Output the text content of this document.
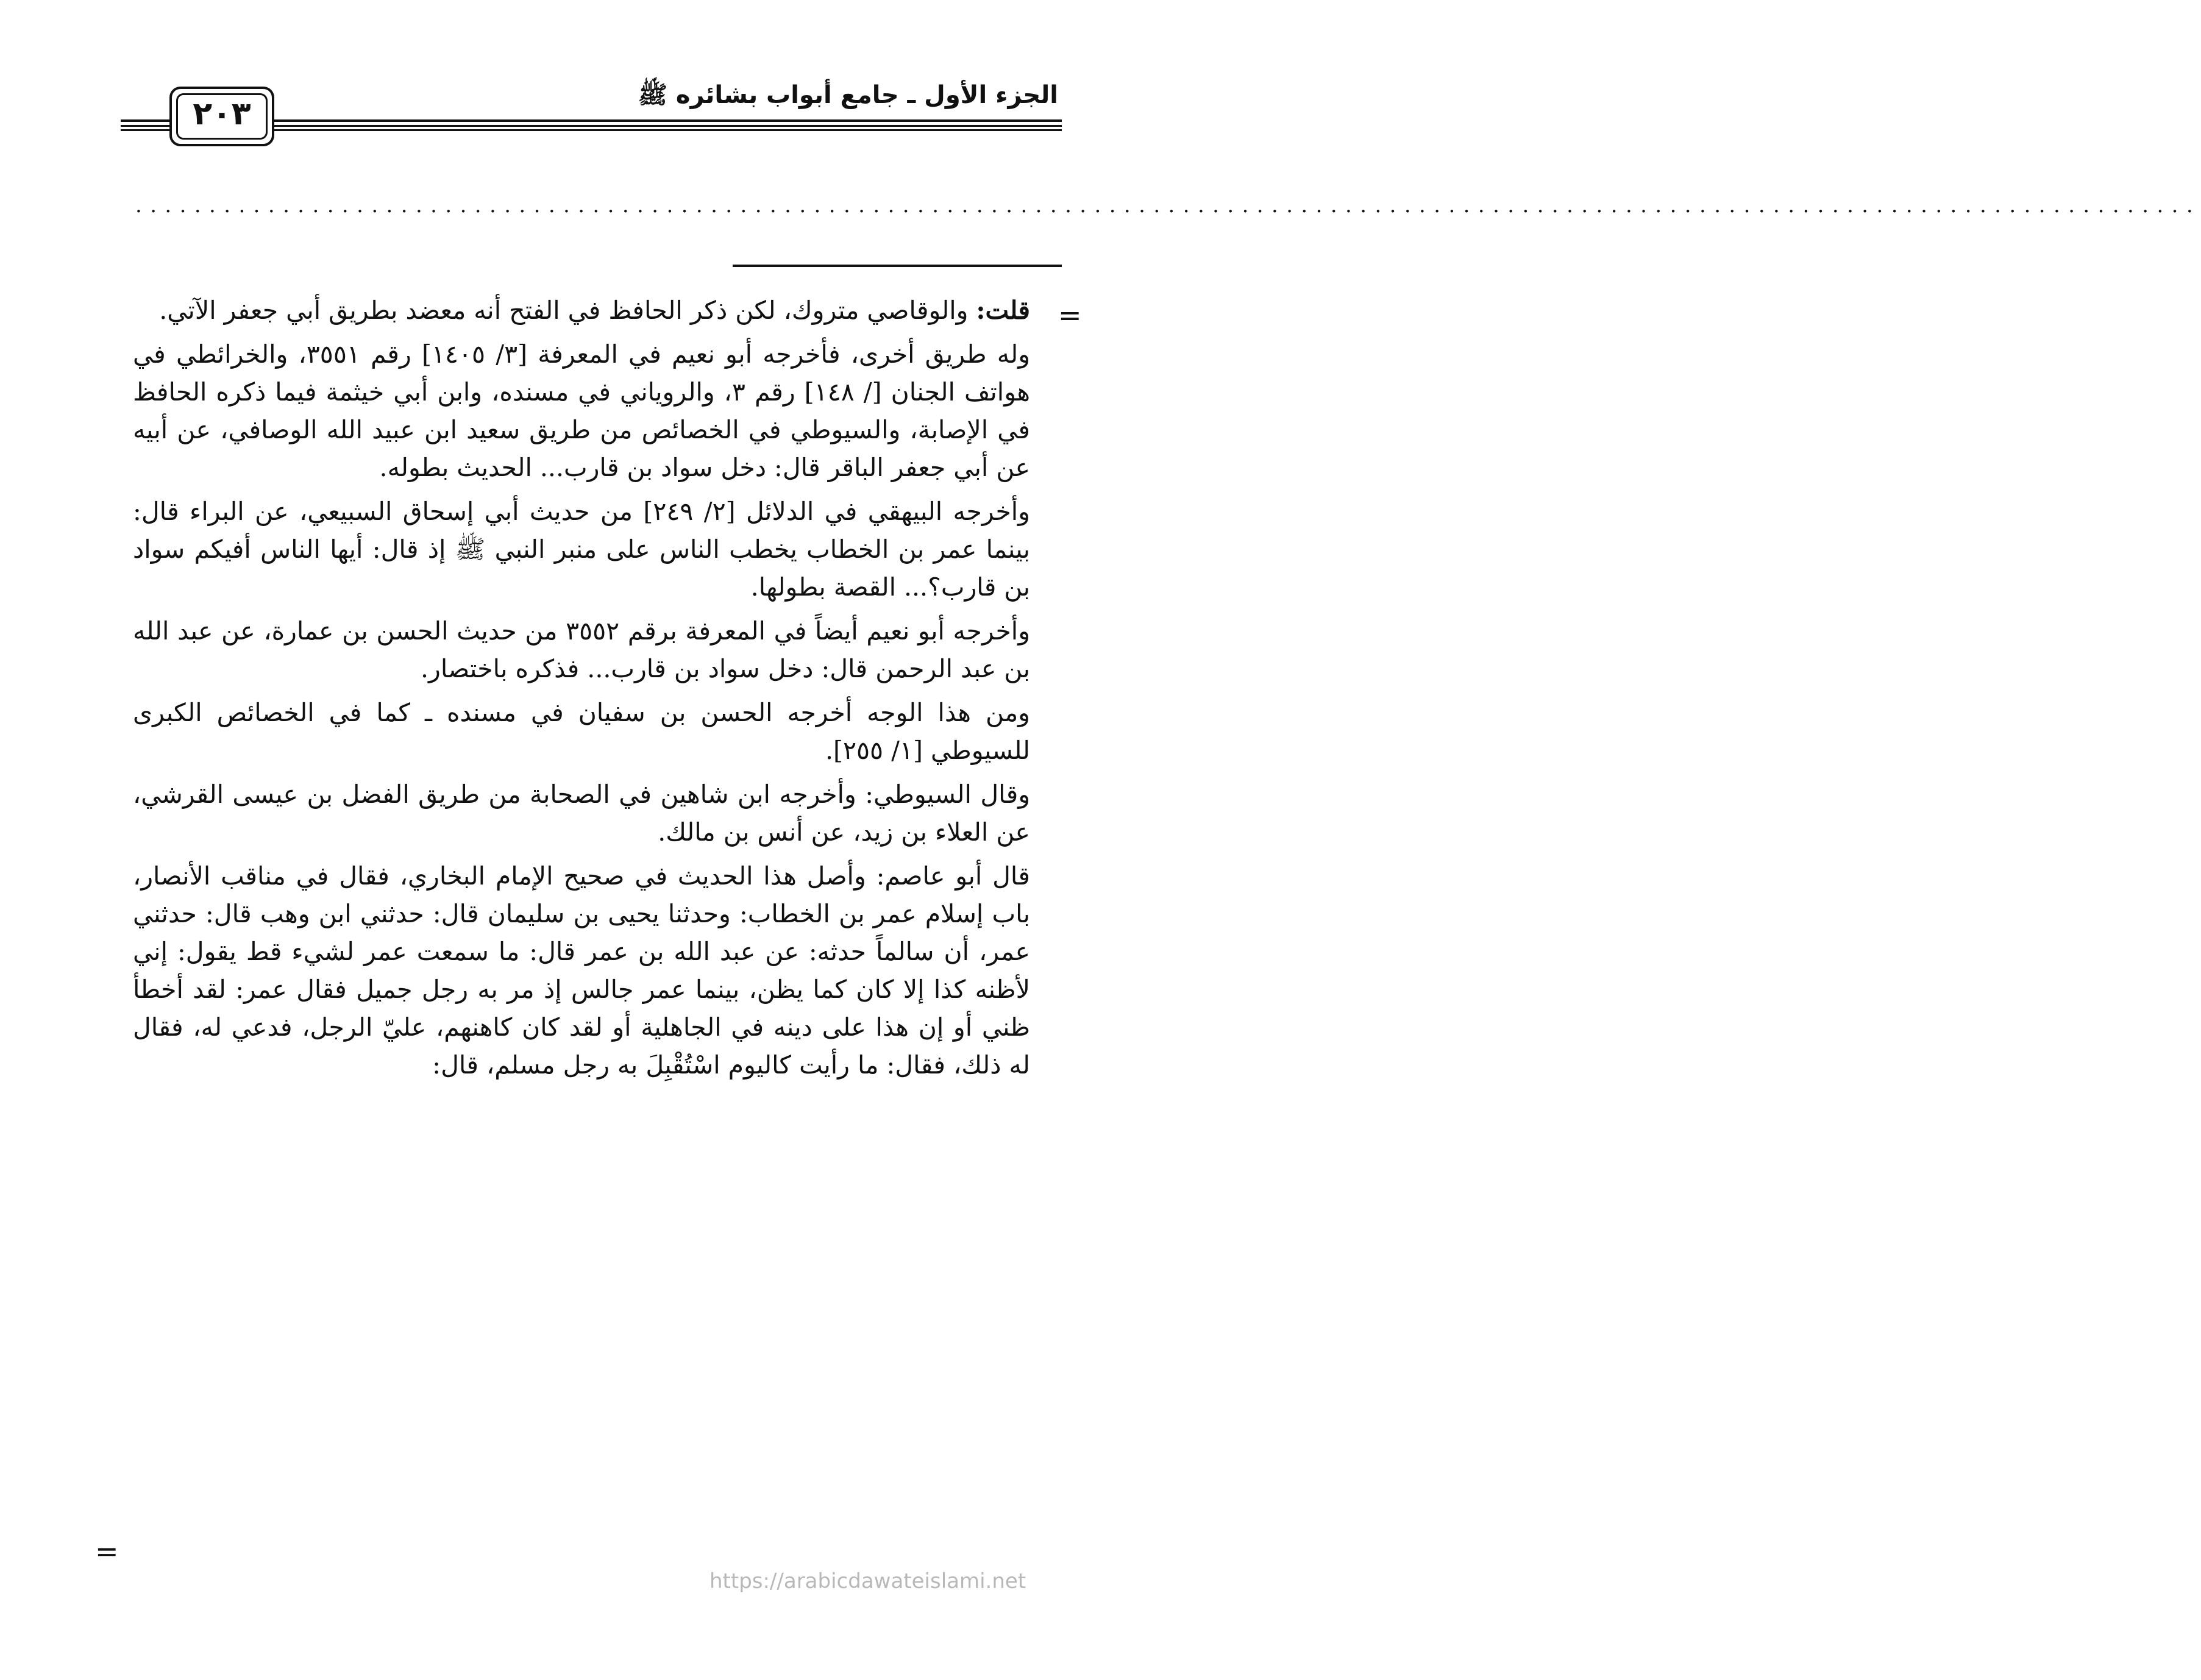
الجزء الأول ـ جامع أبواب بشائره ﷺ
٢٠٣
............................................................................................................................................
=

قلت: والوقاصي متروك، لكن ذكر الحافظ في الفتح أنه معضد بطريق أبي جعفر الآتي.

وله طريق أخرى، فأخرجه أبو نعيم في المعرفة [٣/ ١٤٠٥] رقم ٣٥٥١، والخرائطي في هواتف الجنان [/ ١٤٨] رقم ٣، والروياني في مسنده، وابن أبي خيثمة فيما ذكره الحافظ في الإصابة، والسيوطي في الخصائص من طريق سعيد ابن عبيد الله الوصافي، عن أبيه عن أبي جعفر الباقر قال: دخل سواد بن قارب... الحديث بطوله.

وأخرجه البيهقي في الدلائل [٢/ ٢٤٩] من حديث أبي إسحاق السبيعي، عن البراء قال: بينما عمر بن الخطاب يخطب الناس على منبر النبي ﷺ إذ قال: أيها الناس أفيكم سواد بن قارب؟... القصة بطولها.

وأخرجه أبو نعيم أيضاً في المعرفة برقم ٣٥٥٢ من حديث الحسن بن عمارة، عن عبد الله بن عبد الرحمن قال: دخل سواد بن قارب... فذكره باختصار.

ومن هذا الوجه أخرجه الحسن بن سفيان في مسنده ـ كما في الخصائص الكبرى للسيوطي [١/ ٢٥٥].

وقال السيوطي: وأخرجه ابن شاهين في الصحابة من طريق الفضل بن عيسى القرشي، عن العلاء بن زيد، عن أنس بن مالك.

قال أبو عاصم: وأصل هذا الحديث في صحيح الإمام البخاري، فقال في مناقب الأنصار، باب إسلام عمر بن الخطاب: وحدثنا يحيى بن سليمان قال: حدثني ابن وهب قال: حدثني عمر، أن سالماً حدثه: عن عبد الله بن عمر قال: ما سمعت عمر لشيء قط يقول: إني لأظنه كذا إلا كان كما يظن، بينما عمر جالس إذ مر به رجل جميل فقال عمر: لقد أخطأ ظني أو إن هذا على دينه في الجاهلية أو لقد كان كاهنهم، عليّ الرجل، فدعي له، فقال له ذلك، فقال: ما رأيت كاليوم اسْتُقْبِلَ به رجل مسلم، قال:

=
https://arabicdawateislami.net
